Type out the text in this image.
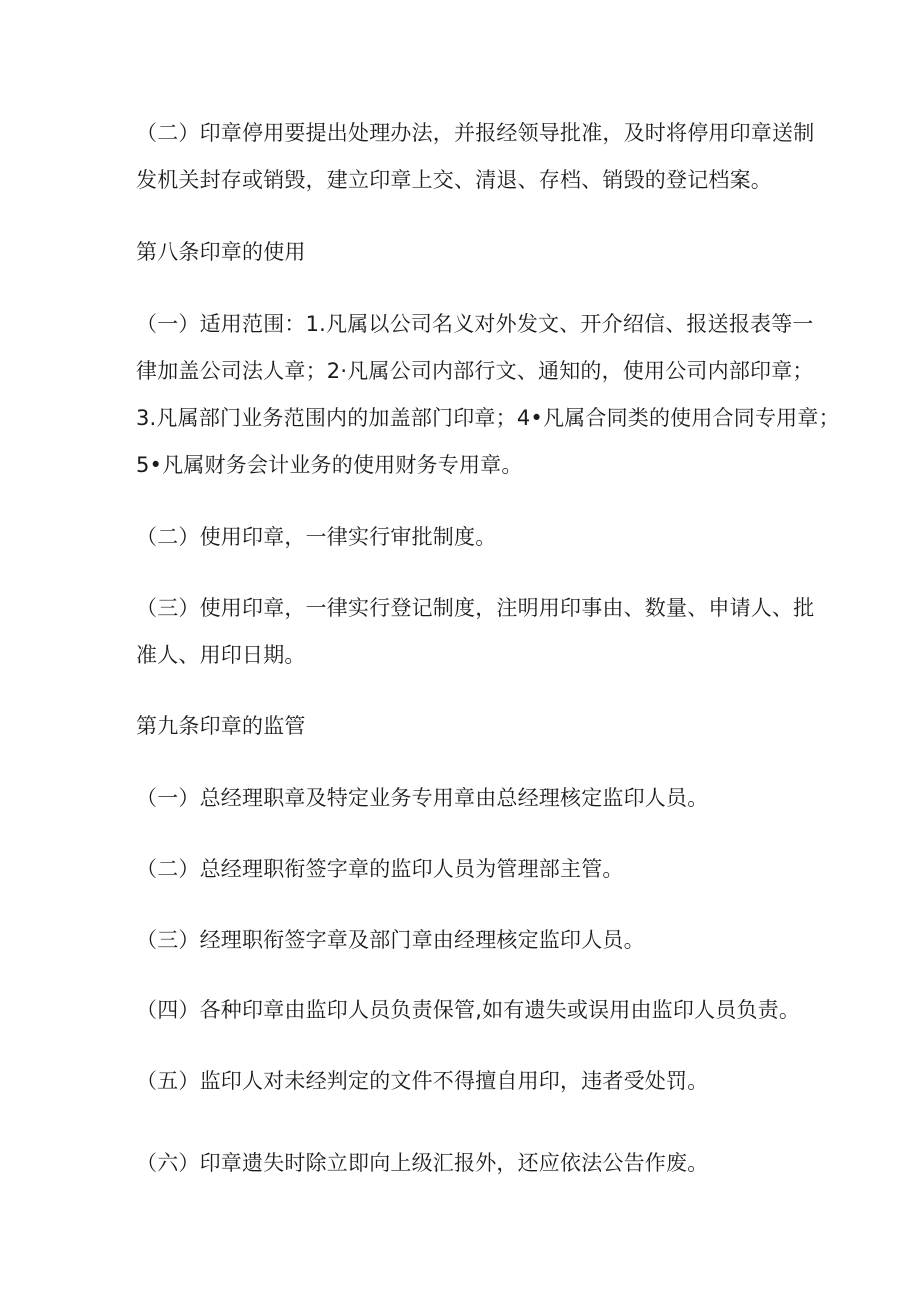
（二）印章停用要提出处理办法，并报经领导批准，及时将停用印章送制
发机关封存或销毁，建立印章上交、清退、存档、销毁的登记档案。

第八条印章的使用

（一）适用范围：1.凡属以公司名义对外发文、开介绍信、报送报表等一
律加盖公司法人章；2·凡属公司内部行文、通知的，使用公司内部印章；
3.凡属部门业务范围内的加盖部门印章；4•凡属合同类的使用合同专用章；
5•凡属财务会计业务的使用财务专用章。

（二）使用印章，一律实行审批制度。

（三）使用印章，一律实行登记制度，注明用印事由、数量、申请人、批
准人、用印日期。

第九条印章的监管

（一）总经理职章及特定业务专用章由总经理核定监印人员。

（二）总经理职衔签字章的监印人员为管理部主管。

（三）经理职衔签字章及部门章由经理核定监印人员。

（四）各种印章由监印人员负责保管,如有遗失或误用由监印人员负责。

（五）监印人对未经判定的文件不得擅自用印，违者受处罚。

（六）印章遗失时除立即向上级汇报外，还应依法公告作废。
